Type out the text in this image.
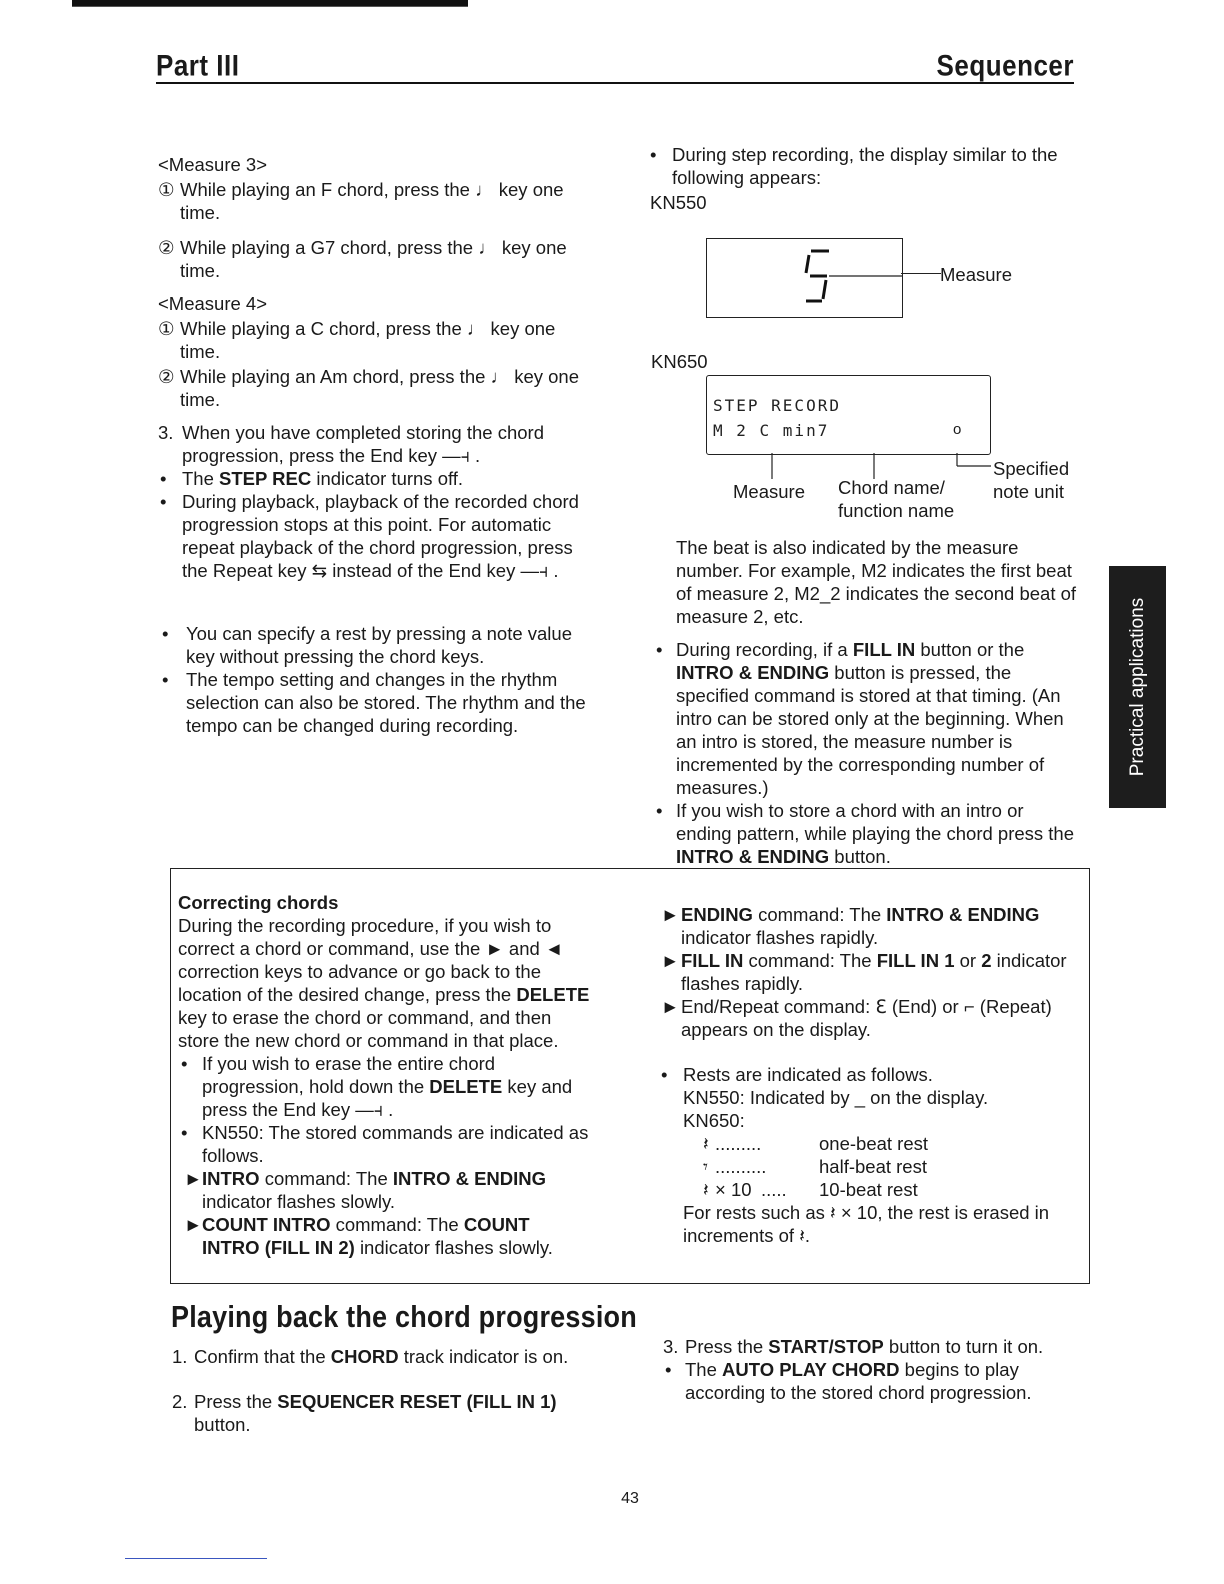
Part III	Sequencer
Practical applications

<Measure 3>

① While playing an F chord, press the ♩ key one time.
② While playing a G7 chord, press the ♩ key one time.

<Measure 4>

① While playing a C chord, press the ♩ key one time.
② While playing an Am chord, press the ♩ key one time.
3. When you have completed storing the chord progression, press the End key —⫞ .
• The STEP REC indicator turns off.
• During playback, playback of the recorded chord progression stops at this point. For automatic repeat playback of the chord progression, press the Repeat key ⇆ instead of the End key —⫞ .
• You can specify a rest by pressing a note value key without pressing the chord keys.
• The tempo setting and changes in the rhythm selection can also be stored. The rhythm and the tempo can be changed during recording.
• During step recording, the display similar to the following appears:

KN550

Measure
KN650
STEP RECORD
M 2 C min7	o
Measure Chord name/ function name
Specified note unit

The beat is also indicated by the measure number. For example, M2 indicates the first beat of measure 2, M2_2 indicates the second beat of measure 2, etc.

• During recording, if a FILL IN button or the INTRO & ENDING button is pressed, the specified command is stored at that timing. (An intro can be stored only at the beginning. When an intro is stored, the measure number is incremented by the corresponding number of measures.)
• If you wish to store a chord with an intro or ending pattern, while playing the chord press the INTRO & ENDING button.

Correcting chords

During the recording procedure, if you wish to correct a chord or command, use the ► and ◄ correction keys to advance or go back to the location of the desired change, press the DELETE key to erase the chord or command, and then store the new chord or command in that place.
• If you wish to erase the entire chord progression, hold down the DELETE key and press the End key —⫞ .
• KN550: The stored commands are indicated as follows.
► INTRO command: The INTRO & ENDING indicator flashes slowly.
► COUNT INTRO command: The COUNT INTRO (FILL IN 2) indicator flashes slowly.
► ENDING command: The INTRO & ENDING indicator flashes rapidly.
► FILL IN command: The FILL IN 1 or 2 indicator flashes rapidly.
► End/Repeat command: Ꜫ (End) or ⌐ (Repeat) appears on the display.
• Rests are indicated as follows.
KN550: Indicated by _ on the display.
KN650:
𝄽 .........	one-beat rest
𝄾 ..........	half-beat rest
𝄽 × 10 ..... 10-beat rest
For rests such as 𝄽 × 10, the rest is erased in increments of 𝄽.
Playing back the chord progression
1. Confirm that the CHORD track indicator is on.
2. Press the SEQUENCER RESET (FILL IN 1) button.
3. Press the START/STOP button to turn it on.
• The AUTO PLAY CHORD begins to play according to the stored chord progression.
43
